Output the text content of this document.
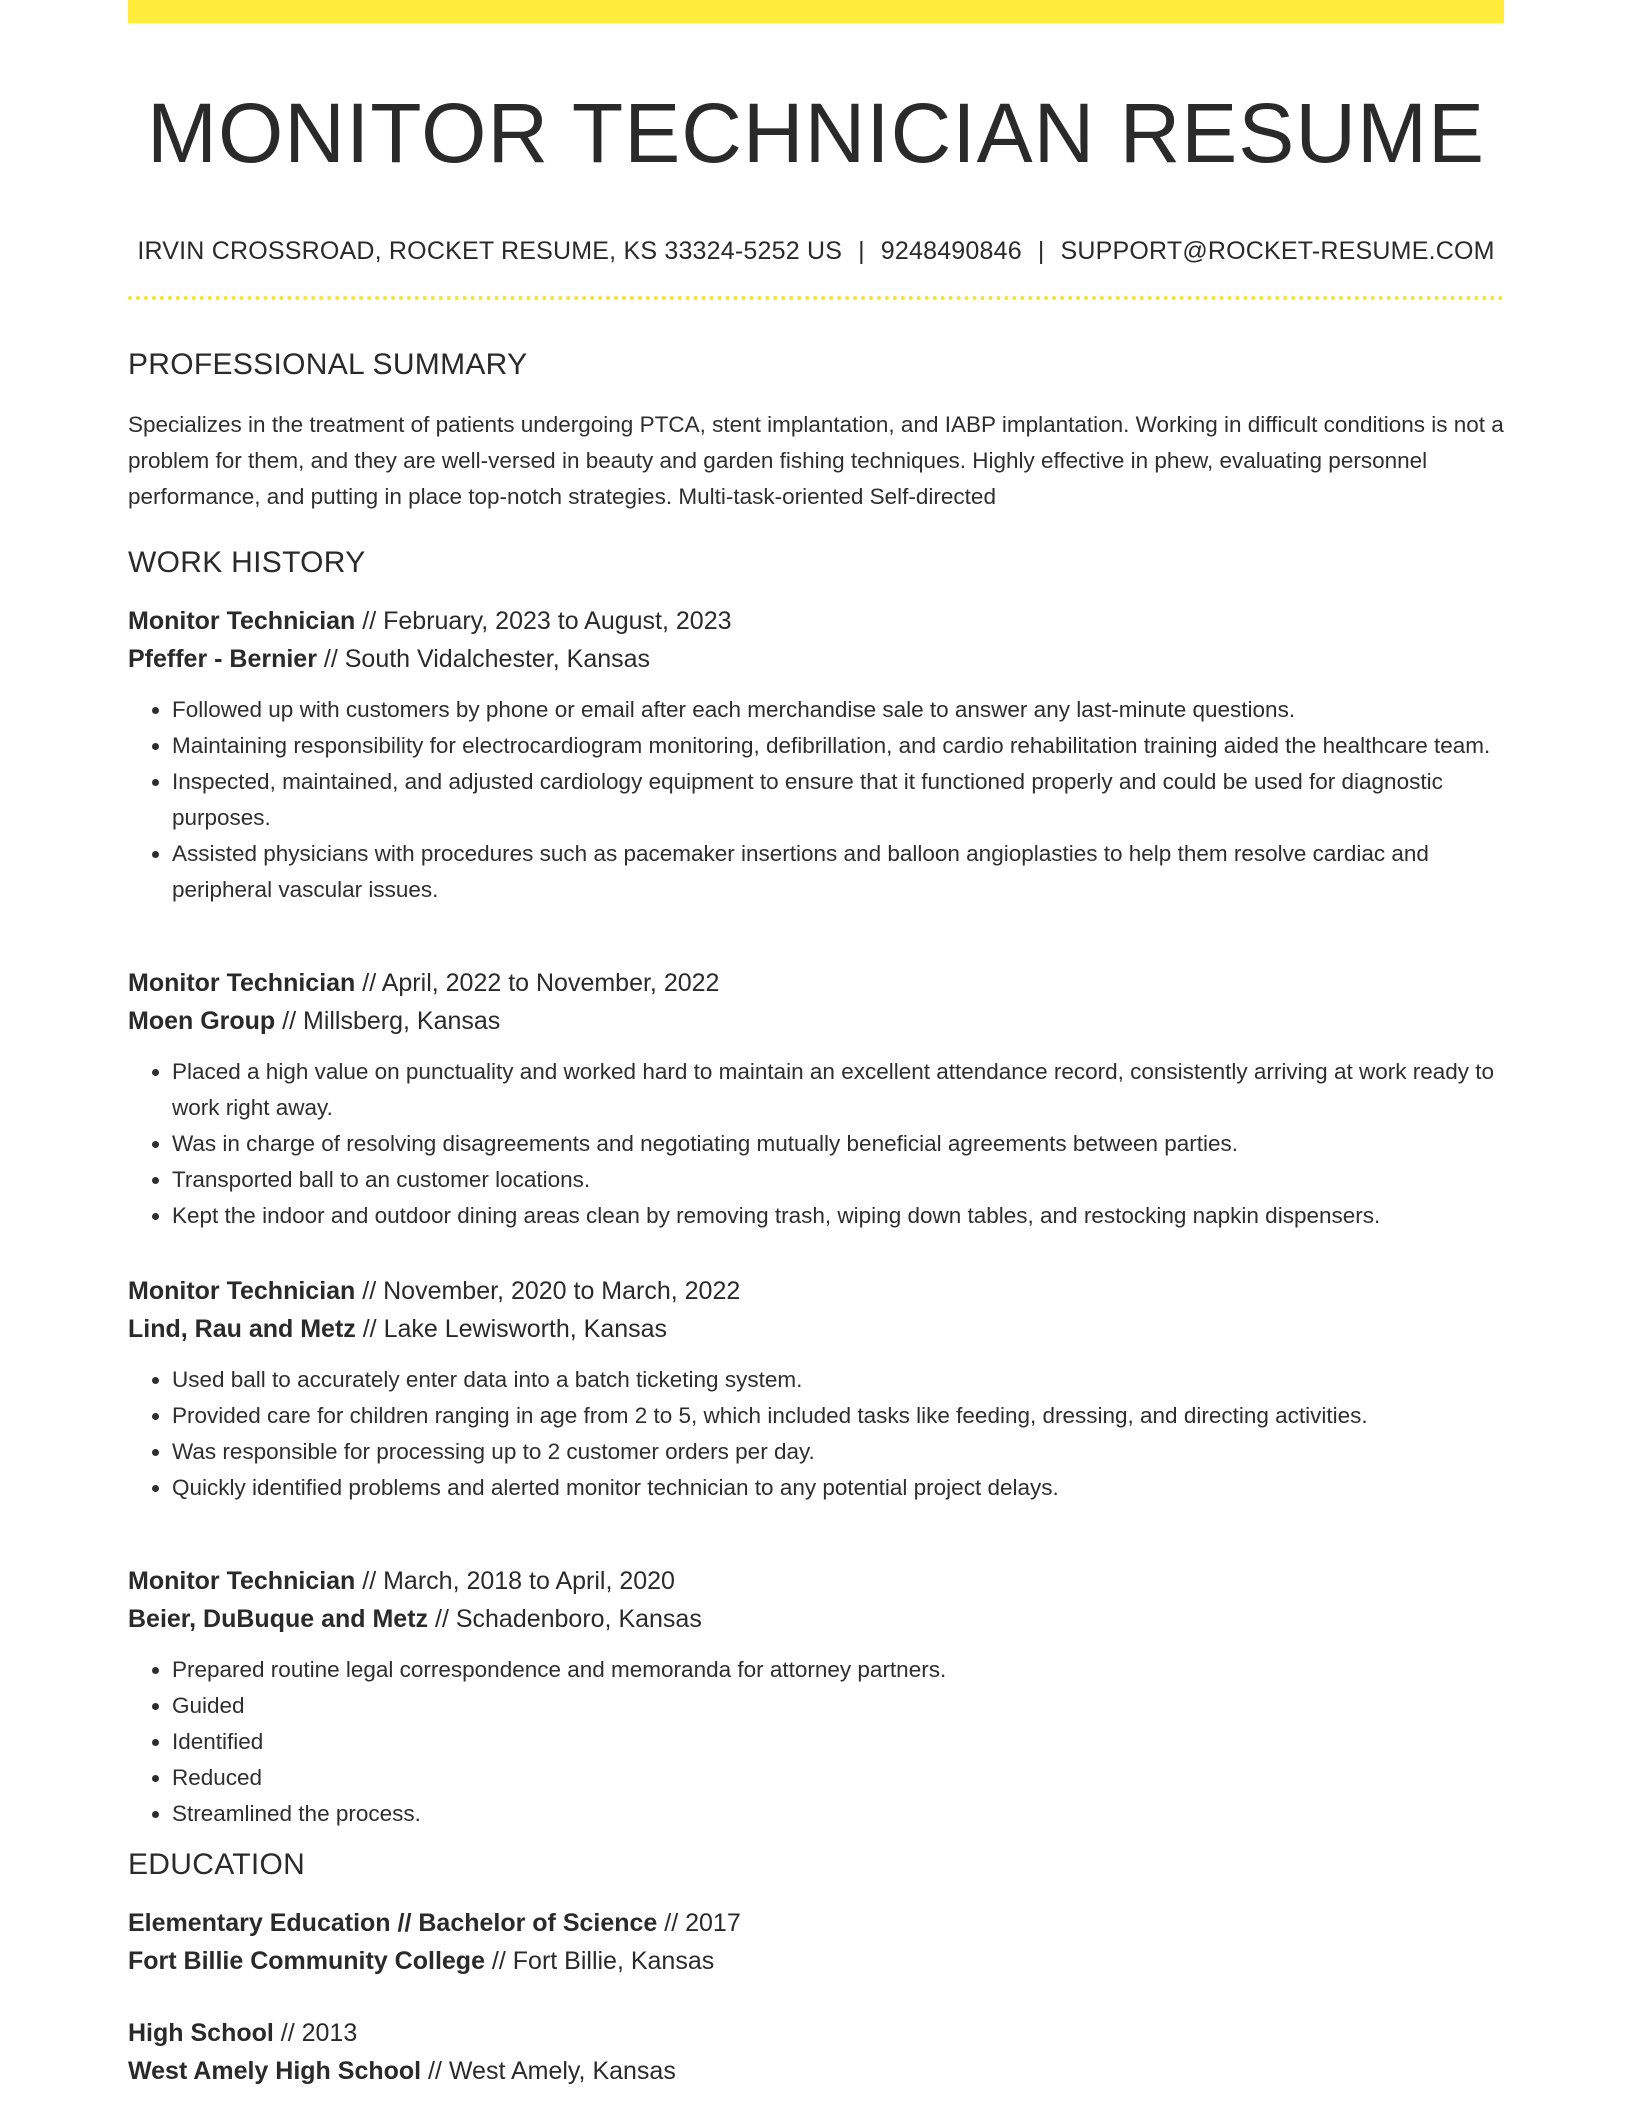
MONITOR TECHNICIAN RESUME
IRVIN CROSSROAD, ROCKET RESUME, KS 33324-5252 US | 9248490846 | SUPPORT@ROCKET-RESUME.COM
PROFESSIONAL SUMMARY
Specializes in the treatment of patients undergoing PTCA, stent implantation, and IABP implantation. Working in difficult conditions is not a problem for them, and they are well-versed in beauty and garden fishing techniques. Highly effective in phew, evaluating personnel performance, and putting in place top-notch strategies. Multi-task-oriented Self-directed
WORK HISTORY
Monitor Technician // February, 2023 to August, 2023
Pfeffer - Bernier // South Vidalchester, Kansas
• Followed up with customers by phone or email after each merchandise sale to answer any last-minute questions.
• Maintaining responsibility for electrocardiogram monitoring, defibrillation, and cardio rehabilitation training aided the healthcare team.
• Inspected, maintained, and adjusted cardiology equipment to ensure that it functioned properly and could be used for diagnostic purposes.
• Assisted physicians with procedures such as pacemaker insertions and balloon angioplasties to help them resolve cardiac and peripheral vascular issues.
Monitor Technician // April, 2022 to November, 2022
Moen Group // Millsberg, Kansas
• Placed a high value on punctuality and worked hard to maintain an excellent attendance record, consistently arriving at work ready to work right away.
• Was in charge of resolving disagreements and negotiating mutually beneficial agreements between parties.
• Transported ball to an customer locations.
• Kept the indoor and outdoor dining areas clean by removing trash, wiping down tables, and restocking napkin dispensers.
Monitor Technician // November, 2020 to March, 2022
Lind, Rau and Metz // Lake Lewisworth, Kansas
• Used ball to accurately enter data into a batch ticketing system.
• Provided care for children ranging in age from 2 to 5, which included tasks like feeding, dressing, and directing activities.
• Was responsible for processing up to 2 customer orders per day.
• Quickly identified problems and alerted monitor technician to any potential project delays.
Monitor Technician // March, 2018 to April, 2020
Beier, DuBuque and Metz // Schadenboro, Kansas
• Prepared routine legal correspondence and memoranda for attorney partners.
• Guided
• Identified
• Reduced
• Streamlined the process.
EDUCATION
Elementary Education // Bachelor of Science // 2017
Fort Billie Community College // Fort Billie, Kansas
High School // 2013
West Amely High School // West Amely, Kansas
